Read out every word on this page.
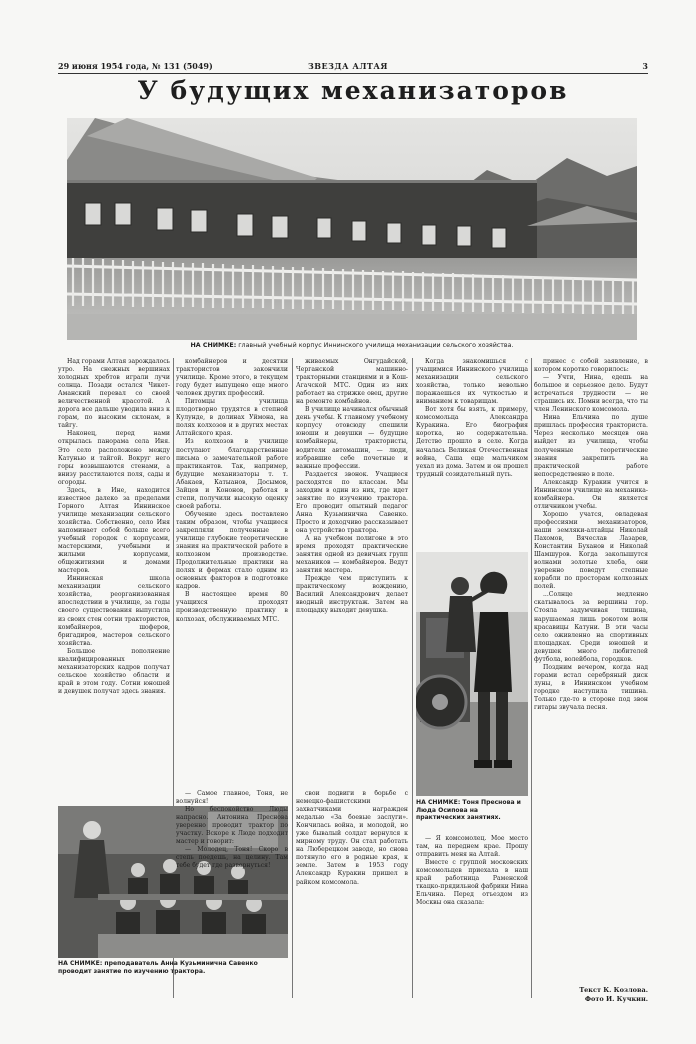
29 июня 1954 года, № 131 (5049)	ЗВЕЗДА АЛТАЯ	3
У будущих механизаторов
НА СНИМКЕ: главный учебный корпус Иннинского училища механизации сельского хозяйства.

Над горами Алтая зарождалось утро. На снежных вершинах холодных хребтов играли лучи солнца. Позади остался Чикет-Аманский перевал со своей величественной красотой. А дорога все дальше уводила вниз к горам, по высоким склонам, в тайгу.

Наконец, перед нами открылась панорама села Иня. Это село расположено между Катунью и тайгой. Вокруг него горы возвышаются стенами, а внизу расстилаются поля, сады и огороды.

Здесь, в Ине, находится известное далеко за пределами Горного Алтая Иннинское училище механизации сельского хозяйства. Собственно, село Иня напоминает собой больше всего учебный городок с корпусами, мастерскими, учебными и жилыми корпусами, общежитиями и домами мастеров.

Иннинская школа механизации сельского хозяйства, реорганизованная впоследствии в училище, за годы своего существования выпустила из своих стен сотни трактористов, комбайнеров, шоферов, бригадиров, мастеров сельского хозяйства.

Большое пополнение квалифицированных механизаторских кадров получат сельское хозяйство области и край в этом году. Сотни юношей и девушек получат здесь знания.

комбайнеров и десятки трактористов закончили училище. Кроме этого, в текущем году будет выпущено еще много человек других профессий.

Питомцы училища плодотворно трудятся в степной Кулунде, в долинах Уймона, на полях колхозов и в других местах Алтайского края.

Из колхозов в училище поступают благодарственные письма о замечательной работе практикантов. Так, например, будущие механизаторы т. т. Абакаев, Катыанов, Досымов, Зайцев и Кононов, работая в степи, получили высокую оценку своей работы.

Обучение здесь поставлено таким образом, чтобы учащиеся закрепляли полученные в училище глубокие теоретические знания на практической работе в колхозном производстве. Продолжительные практики на полях и фермах стало одним из основных факторов в подготовке кадров.

В настоящее время 80 учащихся проходят производственную практику в колхозах, обслуживаемых МТС.

живаемых Онгудайской, Черганской машинно-тракторными станциями и в Кош-Агачской МТС. Один из них работает на стрижке овец, другие на ремонте комбайнов.

В училище начинался обычный день учебы. К главному учебному корпусу отовсюду спешили юноши и девушки — будущие комбайнеры, трактористы, водители автомашин, — люди, избравшие себе почетные и важные профессии.

Раздается звонок. Учащиеся расходятся по классам. Мы заходим в один из них, где идет занятие по изучению трактора. Его проводит опытный педагог Анна Кузьминична Савенко. Просто и доходчиво рассказывает она устройство трактора.

А на учебном полигоне в это время проходят практические занятия одной из девичьих групп механиков — комбайнеров. Ведут занятия мастера.

Прежде чем приступить к практическому вождению, Василий Александрович делает вводный инструктаж. Затем на площадку выходит девушка.

Когда знакомишься с учащимися Иннинского училища механизации сельского хозяйства, только невольно поражаешься их чуткостью и вниманием к товарищам.

Вот хотя бы взять, к примеру, комсомольца Александра Куракина. Его биография коротка, но содержательна. Детство прошло в селе. Когда началась Великая Отечественная война, Саша еще мальчиком уехал из дома. Затем и он прошел трудный созидательный путь.

принес с собой заявление, в котором коротко говорилось:

— Учти, Нина, едешь на большое и серьезное дело. Будут встречаться трудности — не страшись их. Помни всегда, что ты член Ленинского комсомола.

Нина Ельчина по душе пришлась профессия тракториста. Через несколько месяцев она выйдет из училища, чтобы полученные теоретические знания закрепить на практической работе непосредственно в поле.

Александр Куракин учится в Иннинском училище на механика-комбайнера. Он является отличником учебы.

Хорошо учатся, овладевая профессиями механизаторов, наши земляки-алтайцы Николай Пахомов, Вячеслав Лазарев, Константин Буханов и Николай Шамшуров. Когда заколышутся волнами золотые хлеба, они уверенно поведут степные корабли по просторам колхозных полей.

...Солнце медленно скатывалось за вершины гор. Стояла задумчивая тишина, нарушаемая лишь рокотом волн красавицы Катуни. В эти часы село оживленно на спортивных площадках. Среди юношей и девушек много любителей футбола, волейбола, городков.

Поздним вечером, когда над горами встал серебряный диск луны, в Иннинском учебном городке наступила тишина. Только где-то в стороне под звон гитары звучала песня.

НА СНИМКЕ: Тоня Преснова и Люда Осипова на практических занятиях.
НА СНИМКЕ: преподаватель Анна Кузьминична Савенко проводит занятие по изучению трактора.

— Самое главное, Тоня, не волнуйся!

Но беспокойство Люды напрасно. Антонина Преснова уверенно проводит трактор по участку. Вскоре к Люде подходит мастер и говорит:

— Молодец, Тоня! Скоро в степь поедешь, на целину. Там тебе будет где развернуться!

свои подвиги в борьбе с немецко-фашистскими захватчиками награжден медалью «За боевые заслуги». Кончилась война, и молодой, но уже бывалый солдат вернулся к мирному труду. Он стал работать на Люберецком заводе, но снова потянуло его в родные края, к земле. Затем в 1953 году Александр Куракин пришел в райком комсомола.

— Я комсомолец. Мое место там, на переднем крае. Прошу отправить меня на Алтай.

Вместе с группой московских комсомольцев приехала в наш край работница Раменской ткацко-прядильной фабрики Нина Ельчина. Перед отъездом из Москвы она сказала:

Текст К. Козлова.
Фото И. Кучкин.
